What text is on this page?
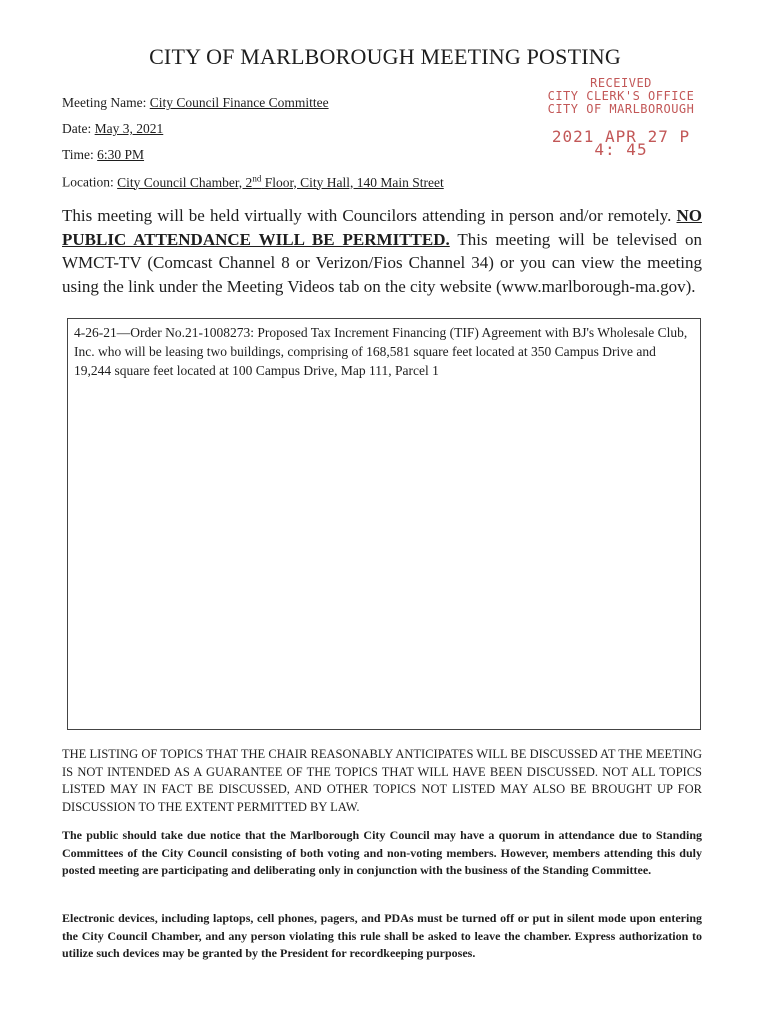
CITY OF MARLBOROUGH MEETING POSTING
Meeting Name: City Council Finance Committee
Date: May 3, 2021
Time: 6:30 PM
Location: City Council Chamber, 2nd Floor, City Hall, 140 Main Street
RECEIVED
CITY CLERK'S OFFICE
CITY OF MARLBOROUGH
2021 APR 27 P 4: 45
This meeting will be held virtually with Councilors attending in person and/or remotely. NO PUBLIC ATTENDANCE WILL BE PERMITTED. This meeting will be televised on WMCT-TV (Comcast Channel 8 or Verizon/Fios Channel 34) or you can view the meeting using the link under the Meeting Videos tab on the city website (www.marlborough-ma.gov).
4-26-21—Order No.21-1008273: Proposed Tax Increment Financing (TIF) Agreement with BJ's Wholesale Club, Inc. who will be leasing two buildings, comprising of 168,581 square feet located at 350 Campus Drive and 19,244 square feet located at 100 Campus Drive, Map 111, Parcel 1
THE LISTING OF TOPICS THAT THE CHAIR REASONABLY ANTICIPATES WILL BE DISCUSSED AT THE MEETING IS NOT INTENDED AS A GUARANTEE OF THE TOPICS THAT WILL HAVE BEEN DISCUSSED. NOT ALL TOPICS LISTED MAY IN FACT BE DISCUSSED, AND OTHER TOPICS NOT LISTED MAY ALSO BE BROUGHT UP FOR DISCUSSION TO THE EXTENT PERMITTED BY LAW.
The public should take due notice that the Marlborough City Council may have a quorum in attendance due to Standing Committees of the City Council consisting of both voting and non-voting members. However, members attending this duly posted meeting are participating and deliberating only in conjunction with the business of the Standing Committee.
Electronic devices, including laptops, cell phones, pagers, and PDAs must be turned off or put in silent mode upon entering the City Council Chamber, and any person violating this rule shall be asked to leave the chamber. Express authorization to utilize such devices may be granted by the President for recordkeeping purposes.
